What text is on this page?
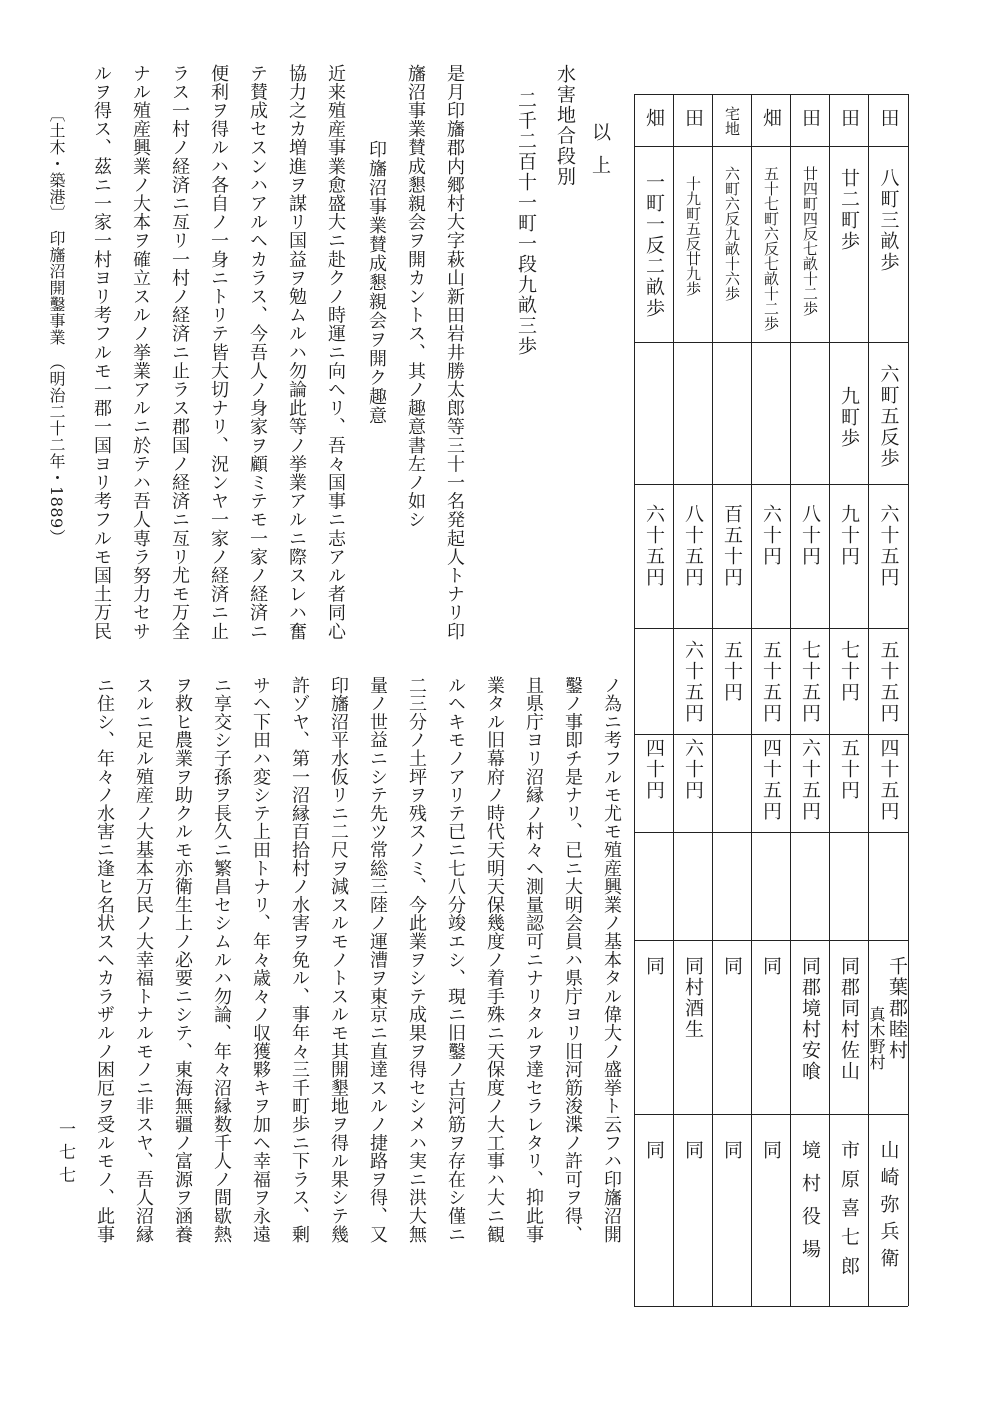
田
八町三畝歩
六町五反歩
六十五円
五十五円
四十五円
山崎弥兵衛
千葉郡睦村
真木野村
田
廿二町歩
九町歩
九十円
七十円
五十円
同郡同村佐山
市原喜七郎
田
廿四町四反七畝十二歩
八十円
七十五円
六十五円
同郡境村安喰
境村役場
畑
五十七町六反七畝十二歩
六十円
五十五円
四十五円
同
同
宅地
六町六反九畝十六歩
百五十円
五十円
同
同
田
十九町五反廿九歩
八十五円
六十五円
六十円
同村酒生
同
畑
一町一反二畝歩
六十五円
四十円
同
同
以上
水害地合段別
二千二百十一町一段九畝三歩
是月印旛郡内郷村大字萩山新田岩井勝太郎等三十一名発起人トナリ印
旛沼事業賛成懇親会ヲ開カントス、其ノ趣意書左ノ如シ
印旛沼事業賛成懇親会ヲ開ク趣意
近来殖産事業愈盛大ニ赴クノ時運ニ向ヘリ、吾々国事ニ志アル者同心
協力之カ増進ヲ謀リ国益ヲ勉ムルハ勿論此等ノ挙業アルニ際スレハ奮
テ賛成セスンハアルヘカラス、今吾人ノ身家ヲ顧ミテモ一家ノ経済ニ
便利ヲ得ルハ各自ノ一身ニトリテ皆大切ナリ、況ンヤ一家ノ経済ニ止
ラス一村ノ経済ニ亙リ一村ノ経済ニ止ラス郡国ノ経済ニ亙リ尤モ万全
ナル殖産興業ノ大本ヲ確立スルノ挙業アルニ於テハ吾人専ラ努力セサ
ルヲ得ス、茲ニ一家一村ヨリ考フルモ一郡一国ヨリ考フルモ国土万民
ノ為ニ考フルモ尤モ殖産興業ノ基本タル偉大ノ盛挙ト云フハ印旛沼開
鑿ノ事即チ是ナリ、已ニ大明会員ハ県庁ヨリ旧河筋浚渫ノ許可ヲ得、
且県庁ヨリ沼縁ノ村々ヘ測量認可ニナリタルヲ達セラレタリ、抑此事
業タル旧幕府ノ時代天明天保幾度ノ着手殊ニ天保度ノ大工事ハ大ニ観
ルヘキモノアリテ已ニ七八分竣エシ、現ニ旧鑿ノ古河筋ヲ存在シ僅ニ
二三分ノ土坪ヲ残スノミ、今此業ヲシテ成果ヲ得セシメハ実ニ洪大無
量ノ世益ニシテ先ツ常総三陸ノ運漕ヲ東京ニ直達スルノ捷路ヲ得、又
印旛沼平水仮リニ二尺ヲ減スルモノトスルモ其開墾地ヲ得ル果シテ幾
許ゾヤ、第一沼縁百拾村ノ水害ヲ免ル、事年々三千町歩ニ下ラス、剰
サヘ下田ハ変シテ上田トナリ、年々歳々ノ収獲夥キヲ加ヘ幸福ヲ永遠
ニ享交シ子孫ヲ長久ニ繁昌セシムルハ勿論、年々沼縁数千人ノ間歇熱
ヲ救ヒ農業ヲ助クルモ亦衛生上ノ必要ニシテ、東海無疆ノ富源ヲ涵養
スルニ足ル殖産ノ大基本万民ノ大幸福トナルモノニ非スヤ、吾人沼縁
ニ住シ、年々ノ水害ニ逢ヒ名状スヘカラザルノ困厄ヲ受ルモノ、此事
〔土木・築港〕　印旛沼開鑿事業　（明治二十二年・1889）
一七七
